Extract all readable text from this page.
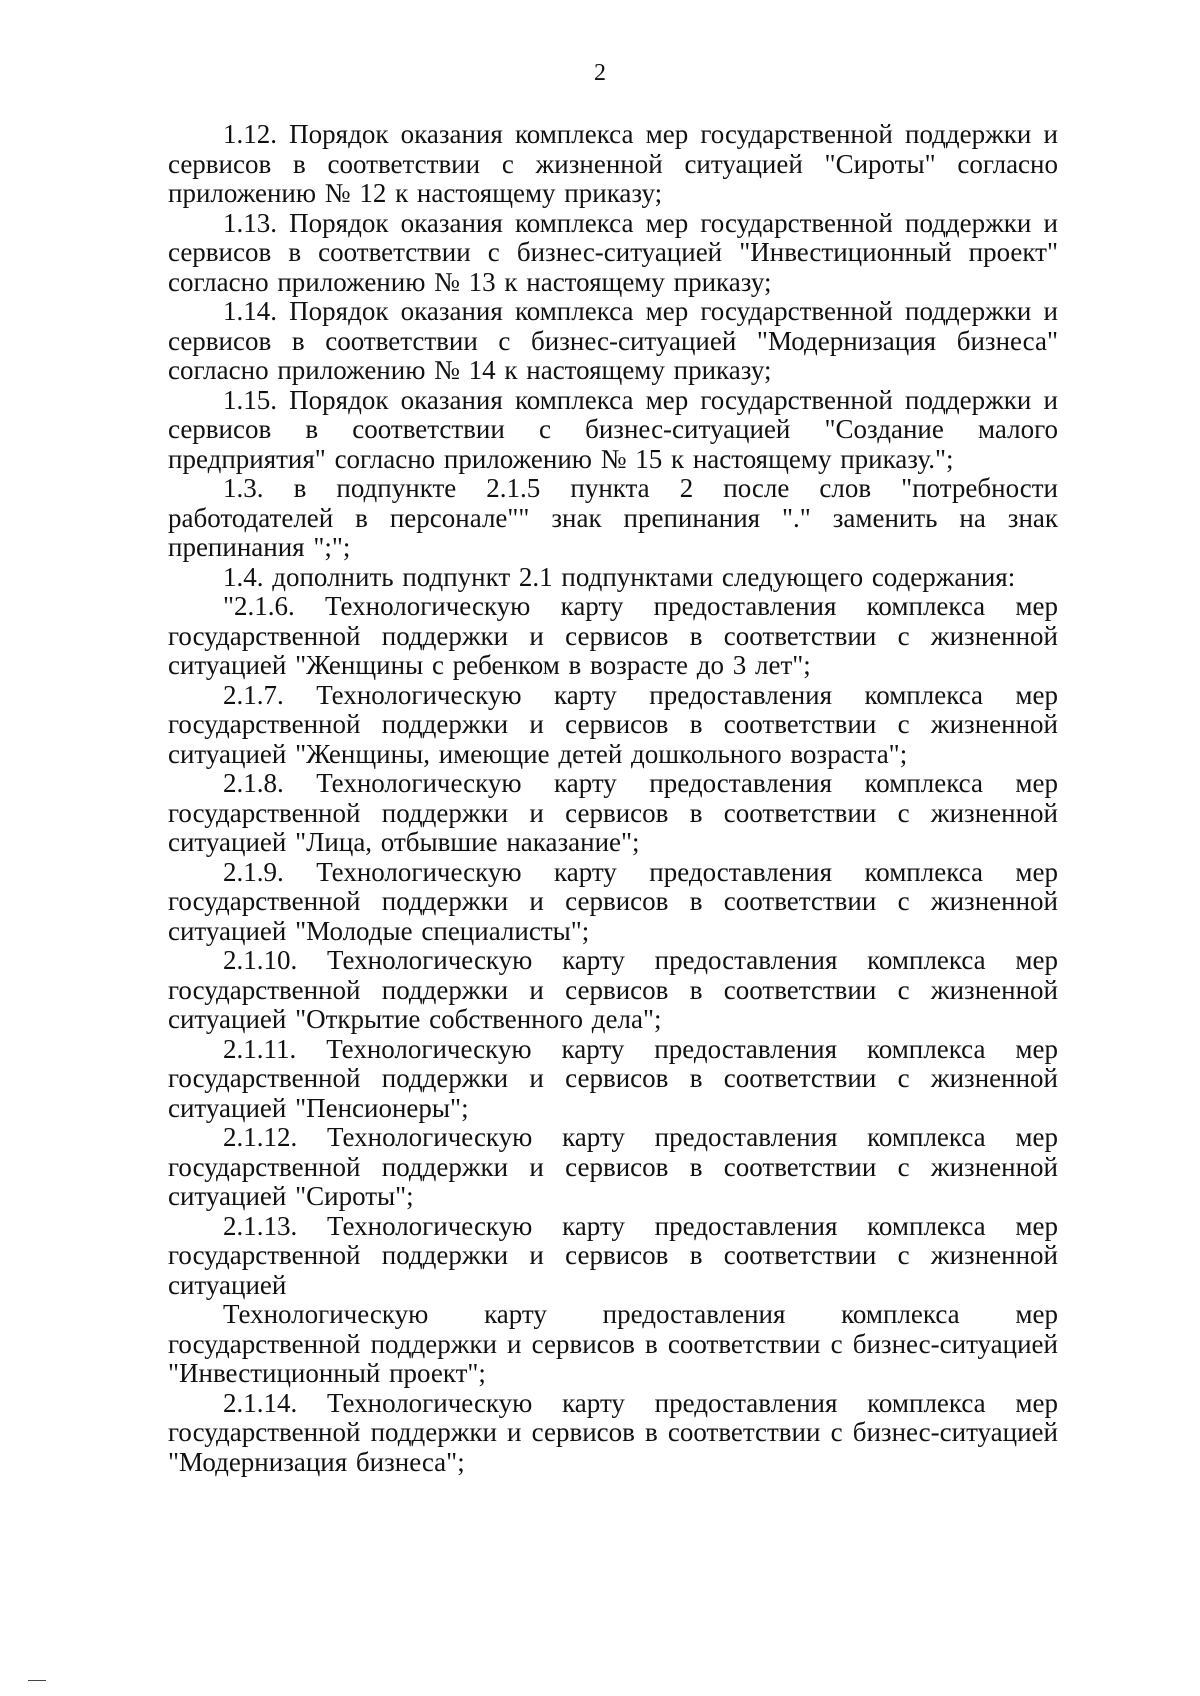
2

1.12. Порядок оказания комплекса мер государственной поддержки и сервисов в соответствии с жизненной ситуацией "Сироты" согласно приложению № 12 к настоящему приказу;

1.13. Порядок оказания комплекса мер государственной поддержки и сервисов в соответствии с бизнес-ситуацией "Инвестиционный проект" согласно приложению № 13 к настоящему приказу;

1.14. Порядок оказания комплекса мер государственной поддержки и сервисов в соответствии с бизнес-ситуацией "Модернизация бизнеса" согласно приложению № 14 к настоящему приказу;

1.15. Порядок оказания комплекса мер государственной поддержки и сервисов в соответствии с бизнес-ситуацией "Создание малого предприятия" согласно приложению № 15 к настоящему приказу.";

1.3. в подпункте 2.1.5 пункта 2 после слов "потребности работодателей в персонале"" знак препинания "." заменить на знак препинания ";";

1.4. дополнить подпункт 2.1 подпунктами следующего содержания:

"2.1.6. Технологическую карту предоставления комплекса мер государственной поддержки и сервисов в соответствии с жизненной ситуацией "Женщины с ребенком в возрасте до 3 лет";

2.1.7. Технологическую карту предоставления комплекса мер государственной поддержки и сервисов в соответствии с жизненной ситуацией "Женщины, имеющие детей дошкольного возраста";

2.1.8. Технологическую карту предоставления комплекса мер государственной поддержки и сервисов в соответствии с жизненной ситуацией "Лица, отбывшие наказание";

2.1.9. Технологическую карту предоставления комплекса мер государственной поддержки и сервисов в соответствии с жизненной ситуацией "Молодые специалисты";

2.1.10. Технологическую карту предоставления комплекса мер государственной поддержки и сервисов в соответствии с жизненной ситуацией "Открытие собственного дела";

2.1.11. Технологическую карту предоставления комплекса мер государственной поддержки и сервисов в соответствии с жизненной ситуацией "Пенсионеры";

2.1.12. Технологическую карту предоставления комплекса мер государственной поддержки и сервисов в соответствии с жизненной ситуацией "Сироты";

2.1.13. Технологическую карту предоставления комплекса мер государственной поддержки и сервисов в соответствии с жизненной ситуацией

Технологическую карту предоставления комплекса мер государственной поддержки и сервисов в соответствии с бизнес-ситуацией "Инвестиционный проект";

2.1.14. Технологическую карту предоставления комплекса мер государственной поддержки и сервисов в соответствии с бизнес-ситуацией "Модернизация бизнеса";
